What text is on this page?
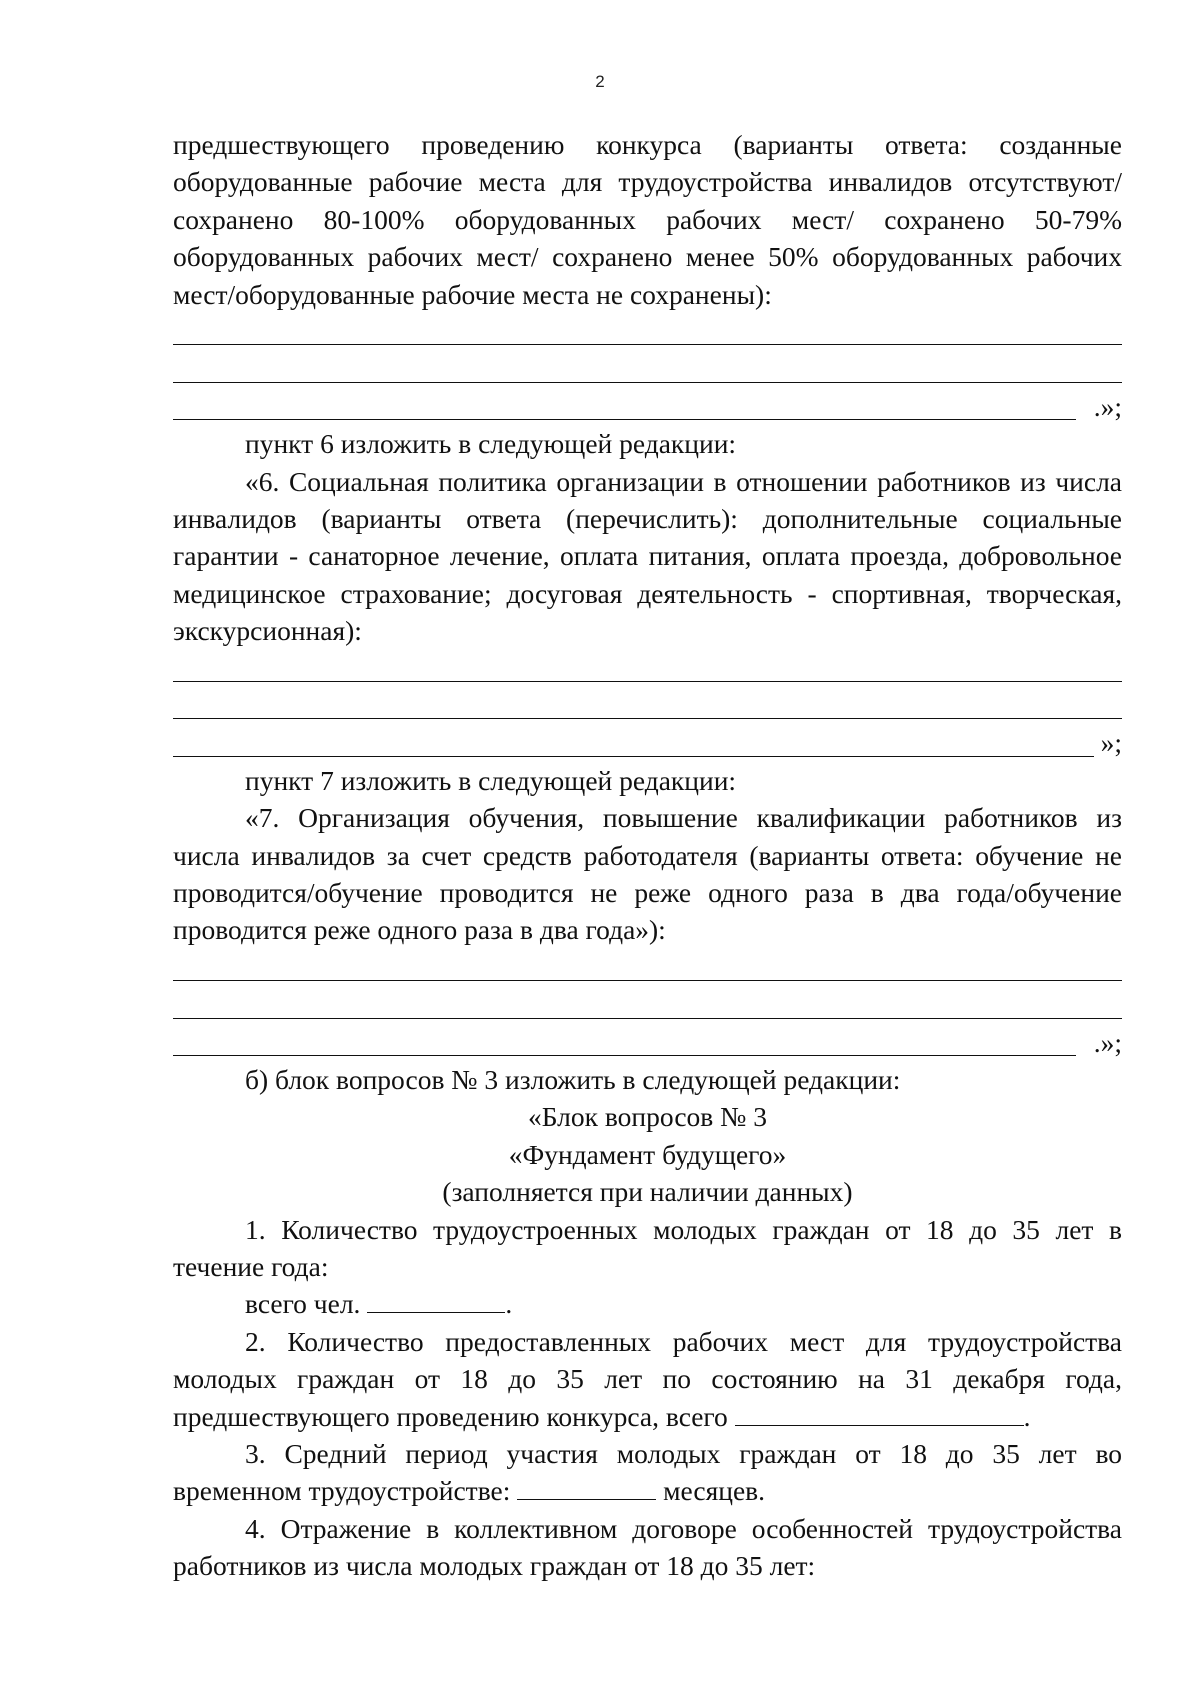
2

предшествующего проведению конкурса (варианты ответа: созданные оборудованные рабочие места для трудоустройства инвалидов отсутствуют/сохранено 80-100% оборудованных рабочих мест/ сохранено 50-79% оборудованных рабочих мест/ сохранено менее 50% оборудованных рабочих мест/оборудованные рабочие места не сохранены):

.»;

пункт 6 изложить в следующей редакции:

«6. Социальная политика организации в отношении работников из числа инвалидов (варианты ответа (перечислить): дополнительные социальные гарантии - санаторное лечение, оплата питания, оплата проезда, добровольное медицинское страхование; досуговая деятельность - спортивная, творческая, экскурсионная):

»;

пункт 7 изложить в следующей редакции:

«7. Организация обучения, повышение квалификации работников из числа инвалидов за счет средств работодателя (варианты ответа: обучение не проводится/обучение проводится не реже одного раза в два года/обучение проводится реже одного раза в два года»):

.»;

б) блок вопросов № 3 изложить в следующей редакции:

«Блок вопросов № 3

«Фундамент будущего»

(заполняется при наличии данных)

1. Количество трудоустроенных молодых граждан от 18 до 35 лет в течение года:

всего чел.	.

2. Количество предоставленных рабочих мест для трудоустройства молодых граждан от 18 до 35 лет по состоянию на 31 декабря года, предшествующего проведению конкурса, всего	.

3. Средний период участия молодых граждан от 18 до 35 лет во временном трудоустройстве:	месяцев.

4. Отражение в коллективном договоре особенностей трудоустройства работников из числа молодых граждан от 18 до 35 лет:
